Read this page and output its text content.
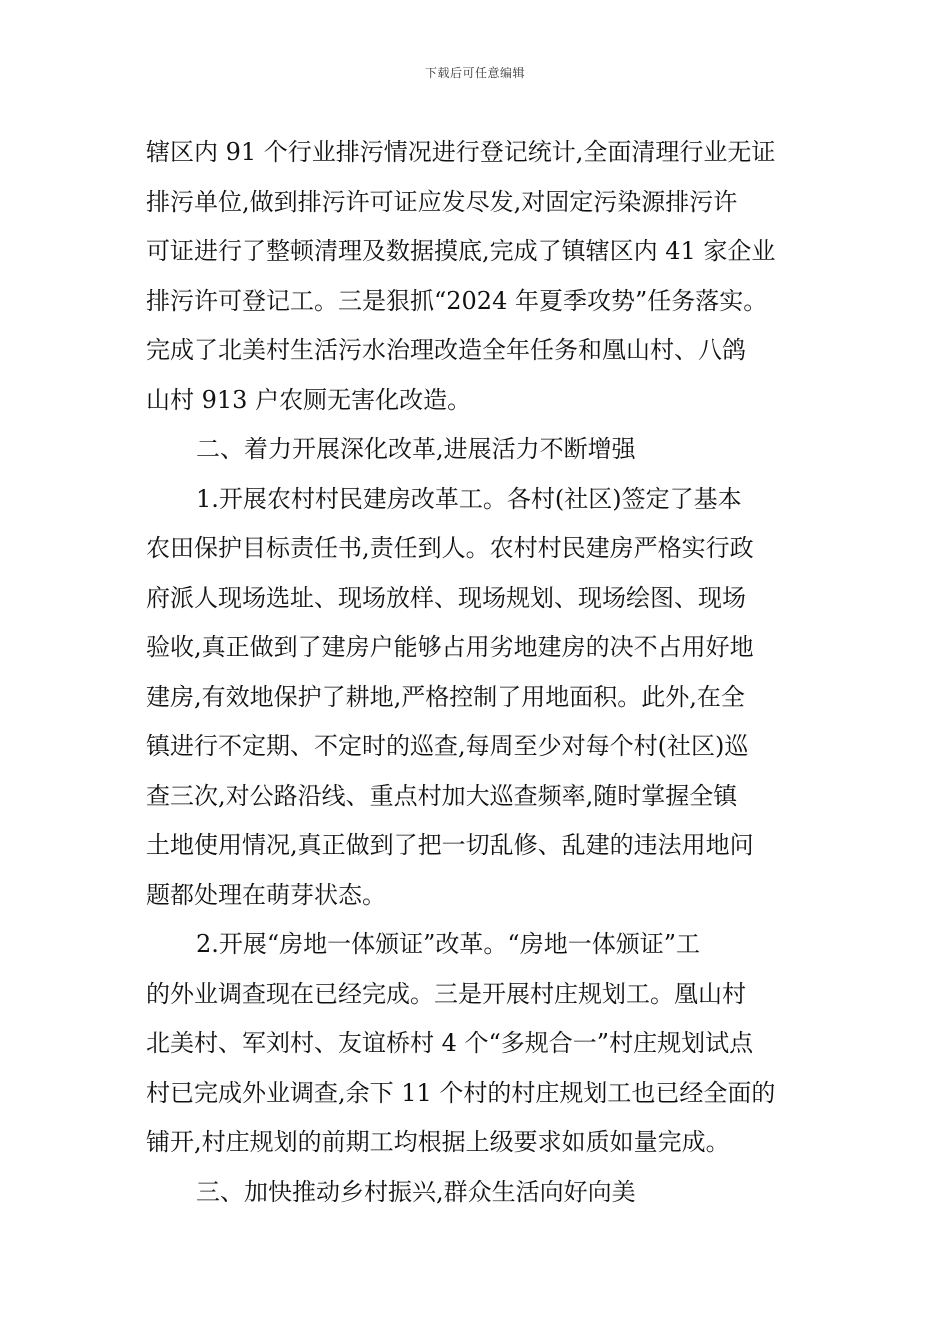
下载后可任意编辑
辖区内 91 个行业排污情况进行登记统计,全面清理行业无证
排污单位,做到排污许可证应发尽发,对固定污染源排污许
可证进行了整顿清理及数据摸底,完成了镇辖区内 41 家企业
排污许可登记工。三是狠抓“2024 年夏季攻势”任务落实。
完成了北美村生活污水治理改造全年任务和凰山村、八鸽
山村 913 户农厕无害化改造。
二、着力开展深化改革,进展活力不断增强
1.开展农村村民建房改革工。各村(社区)签定了基本
农田保护目标责任书,责任到人。农村村民建房严格实行政
府派人现场选址、现场放样、现场规划、现场绘图、现场
验收,真正做到了建房户能够占用劣地建房的决不占用好地
建房,有效地保护了耕地,严格控制了用地面积。此外,在全
镇进行不定期、不定时的巡查,每周至少对每个村(社区)巡
查三次,对公路沿线、重点村加大巡查频率,随时掌握全镇
土地使用情况,真正做到了把一切乱修、乱建的违法用地问
题都处理在萌芽状态。
2.开展“房地一体颁证”改革。“房地一体颁证”工
的外业调查现在已经完成。三是开展村庄规划工。凰山村
北美村、军刘村、友谊桥村 4 个“多规合一”村庄规划试点
村已完成外业调查,余下 11 个村的村庄规划工也已经全面的
铺开,村庄规划的前期工均根据上级要求如质如量完成。
三、加快推动乡村振兴,群众生活向好向美
